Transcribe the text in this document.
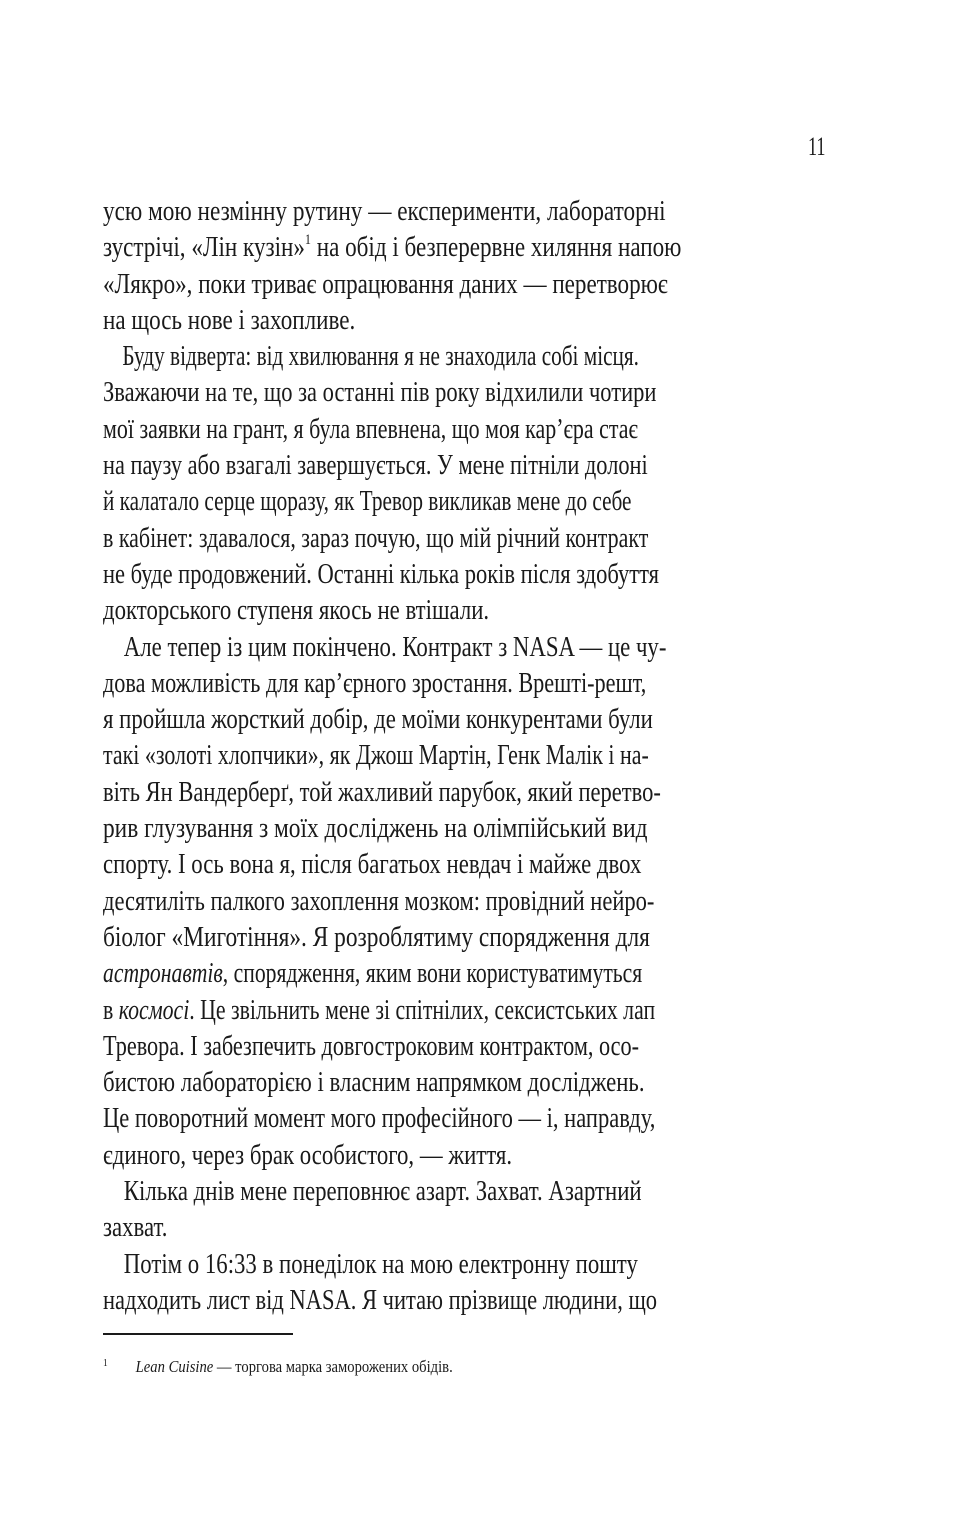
11
усю мою незмінну рутину — експерименти, лабораторні
зустрічі, «Лін кузін»$^1$ на обід і безперервне хиляння напою
«Лякро», поки триває опрацювання даних — перетворює
на щось нове і захопливе.
Буду відверта: від хвилювання я не знаходила собі місця.
Зважаючи на те, що за останні пів року відхилили чотири
мої заявки на грант, я була впевнена, що моя кар’єра стає
на паузу або взагалі завершується. У мене пітніли долоні
й калатало серце щоразу, як Тревор викликав мене до себе
в кабінет: здавалося, зараз почую, що мій річний контракт
не буде продовжений. Останні кілька років після здобуття
докторського ступеня якось не втішали.
Але тепер із цим покінчено. Контракт з NASA — це чу-
дова можливість для кар’єрного зростання. Врешті-решт,
я пройшла жорсткий добір, де моїми конкурентами були
такі «золоті хлопчики», як Джош Мартін, Генк Малік і на-
віть Ян Вандерберґ, той жахливий парубок, який перетво-
рив глузування з моїх досліджень на олімпійський вид
спорту. І ось вона я, після багатьох невдач і майже двох
десятиліть палкого захоплення мозком: провідний нейро-
біолог «Миготіння». Я розроблятиму спорядження для
астронавтів, спорядження, яким вони користуватимуться
в космосі. Це звільнить мене зі спітнілих, сексистських лап
Тревора. І забезпечить довгостроковим контрактом, осо-
бистою лабораторією і власним напрямком досліджень.
Це поворотний момент мого професійного — і, направду,
єдиного, через брак особистого, — життя.
Кілька днів мене переповнює азарт. Захват. Азартний
захват.
Потім о 16:33 в понеділок на мою електронну пошту
надходить лист від NASA. Я читаю прізвище людини, що
1 Lean Cuisine — торгова марка заморожених обідів.
